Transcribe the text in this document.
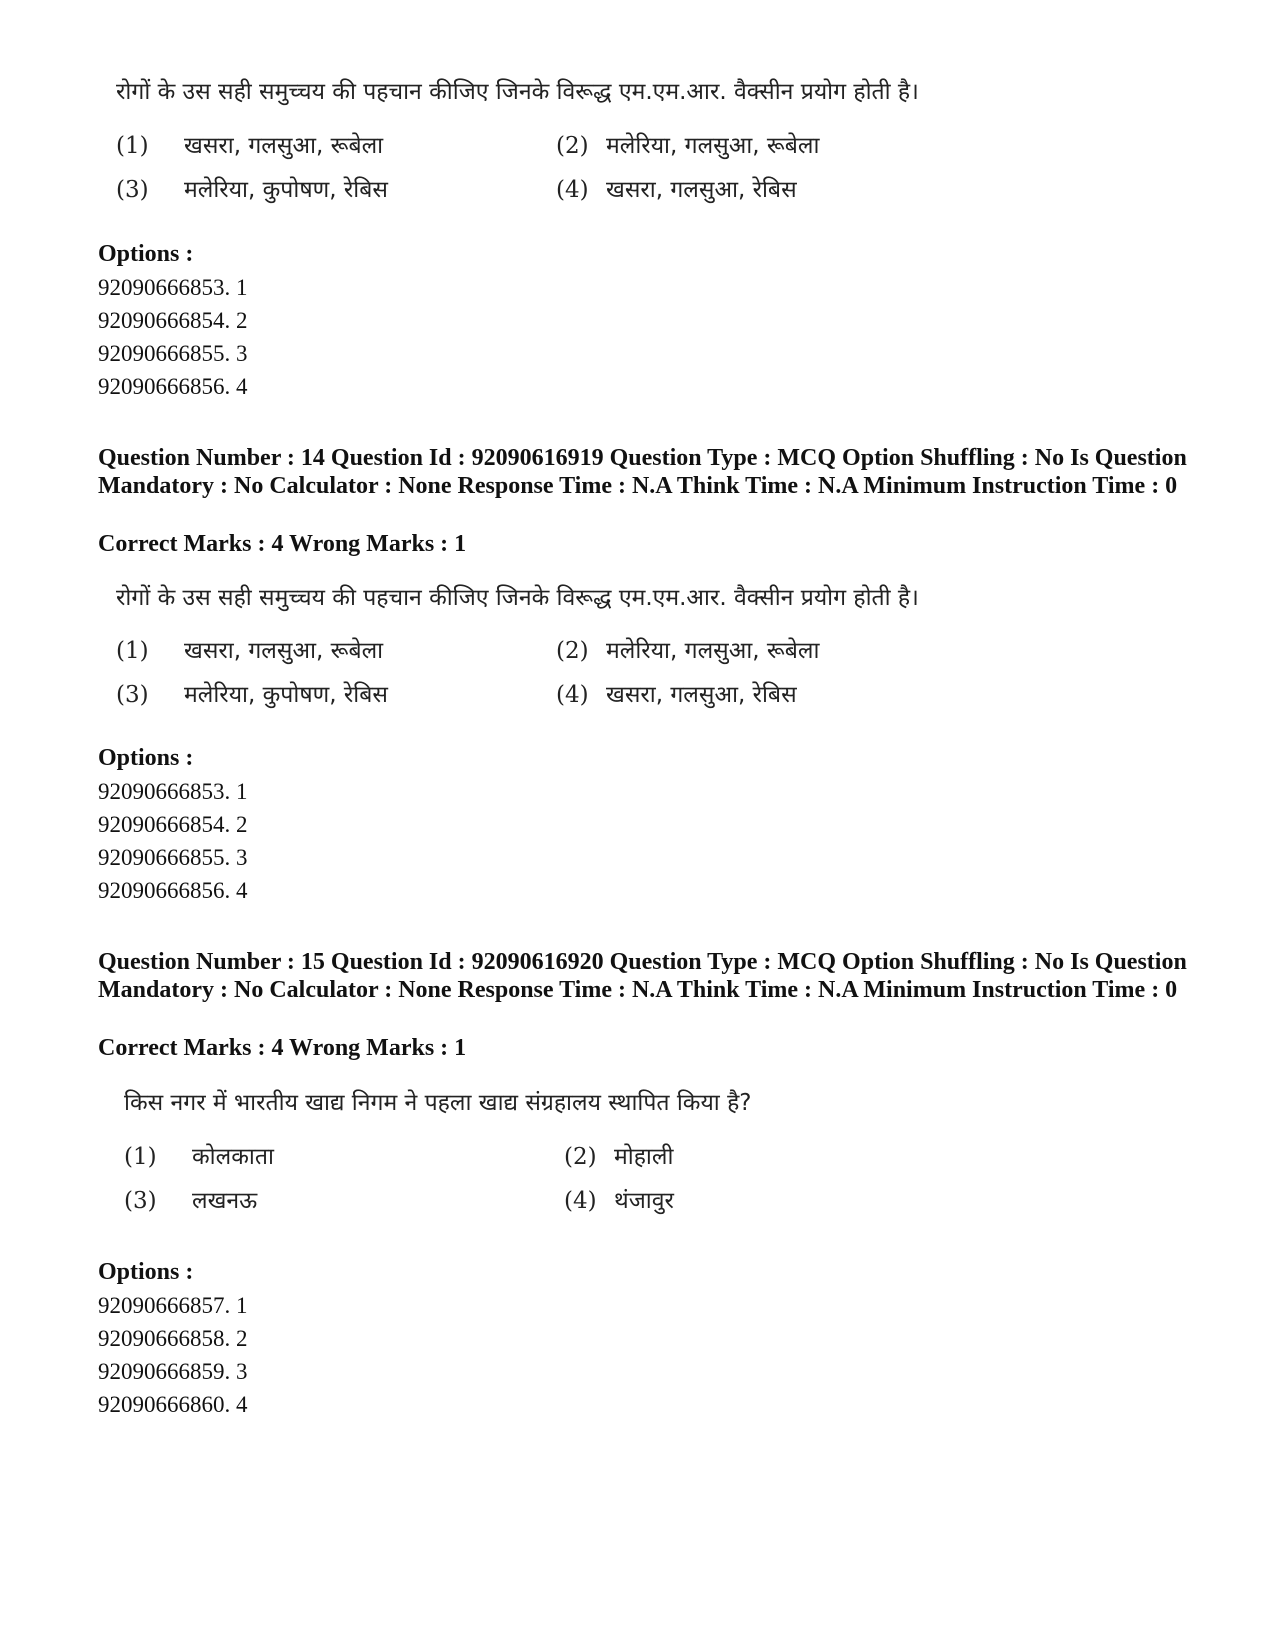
रोगों के उस सही समुच्चय की पहचान कीजिए जिनके विरूद्ध एम.एम.आर. वैक्सीन प्रयोग होती है।
(1) खसरा, गलसुआ, रूबेला	(2) मलेरिया, गलसुआ, रूबेला
(3) मलेरिया, कुपोषण, रेबिस	(4) खसरा, गलसुआ, रेबिस
Options :
92090666853. 1
92090666854. 2
92090666855. 3
92090666856. 4
Question Number : 14 Question Id : 92090616919 Question Type : MCQ Option Shuffling : No Is Question Mandatory : No Calculator : None Response Time : N.A Think Time : N.A Minimum Instruction Time : 0
Correct Marks : 4 Wrong Marks : 1
रोगों के उस सही समुच्चय की पहचान कीजिए जिनके विरूद्ध एम.एम.आर. वैक्सीन प्रयोग होती है।
(1) खसरा, गलसुआ, रूबेला	(2) मलेरिया, गलसुआ, रूबेला
(3) मलेरिया, कुपोषण, रेबिस	(4) खसरा, गलसुआ, रेबिस
Options :
92090666853. 1
92090666854. 2
92090666855. 3
92090666856. 4
Question Number : 15 Question Id : 92090616920 Question Type : MCQ Option Shuffling : No Is Question Mandatory : No Calculator : None Response Time : N.A Think Time : N.A Minimum Instruction Time : 0
Correct Marks : 4 Wrong Marks : 1
किस नगर में भारतीय खाद्य निगम ने पहला खाद्य संग्रहालय स्थापित किया है?
(1) कोलकाता	(2) मोहाली
(3) लखनऊ	(4) थंजावुर
Options :
92090666857. 1
92090666858. 2
92090666859. 3
92090666860. 4
